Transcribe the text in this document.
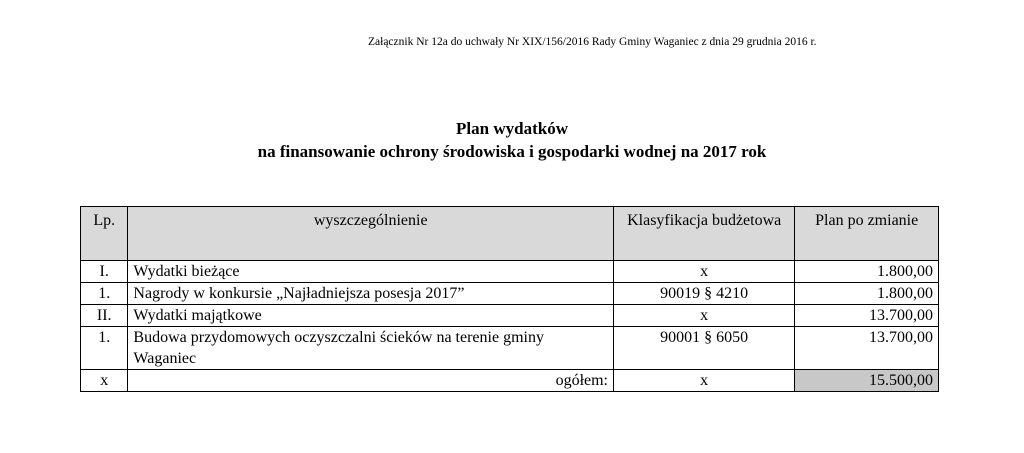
Załącznik Nr 12a do uchwały Nr XIX/156/2016 Rady Gminy Waganiec z dnia 29 grudnia 2016 r.
Plan wydatków
na finansowanie ochrony środowiska i gospodarki wodnej na 2017 rok
Lp.	wyszczególnienie	Klasyfikacja budżetowa	Plan po zmianie
I.	Wydatki bieżące	x	1.800,00
1.	Nagrody w konkursie „Najładniejsza posesja 2017”	90019 § 4210	1.800,00
II.	Wydatki majątkowe	x	13.700,00
1.	Budowa przydomowych oczyszczalni ścieków na terenie gminy Waganiec	90001 § 6050	13.700,00
x	ogółem:	x	15.500,00
